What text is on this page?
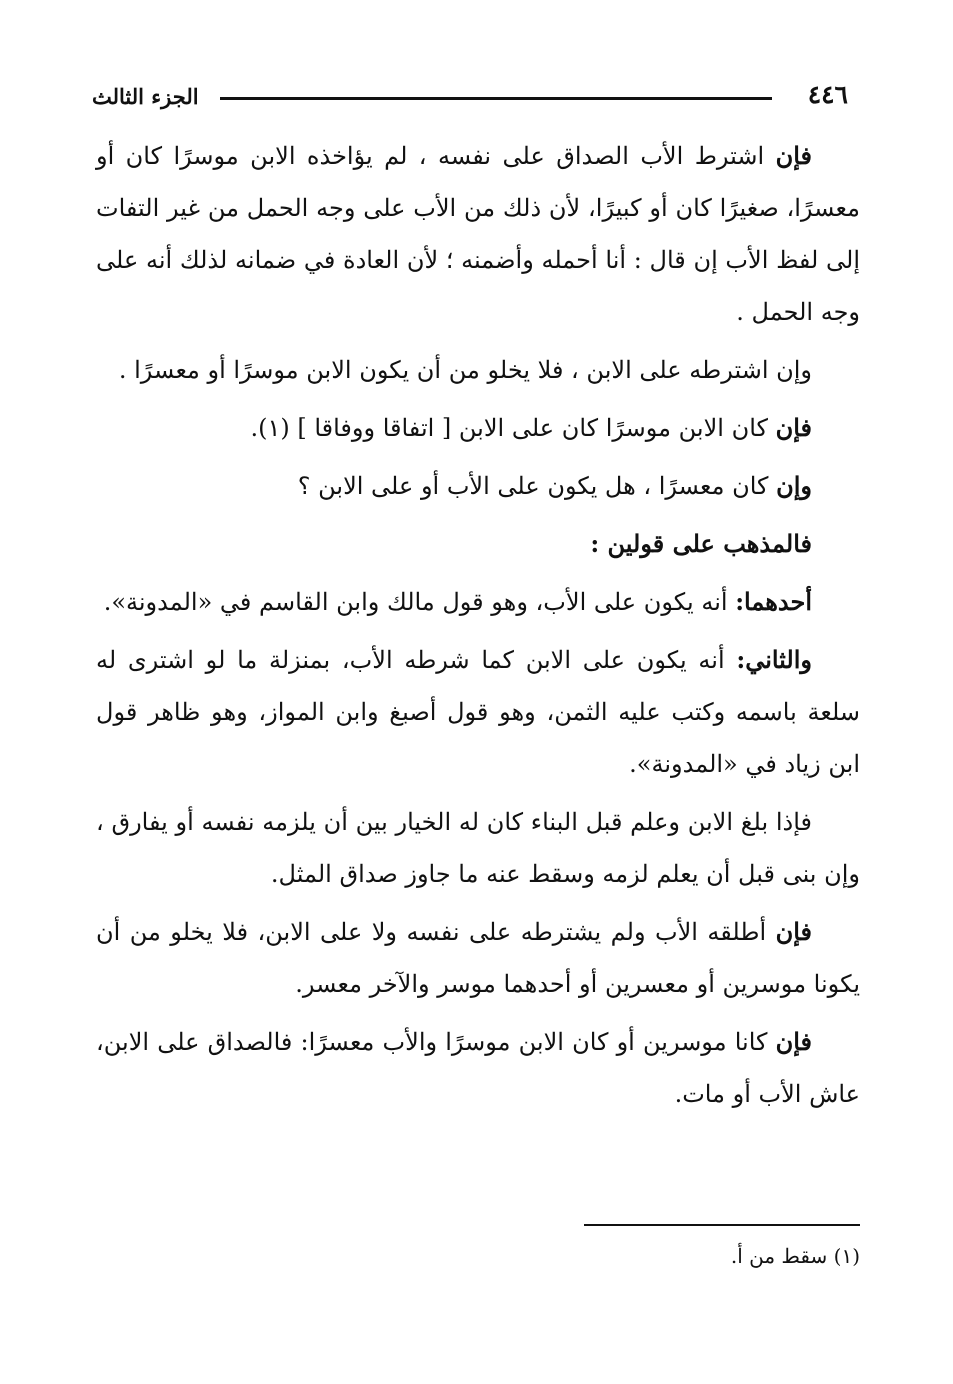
الجزء الثالث	٤٤٦

فإن اشترط الأب الصداق على نفسه ، لم يؤاخذه الابن موسرًا كان أو معسرًا، صغيرًا كان أو كبيرًا، لأن ذلك من الأب على وجه الحمل من غير التفات إلى لفظ الأب إن قال : أنا أحمله وأضمنه ؛ لأن العادة في ضمانه لذلك أنه على وجه الحمل .

وإن اشترطه على الابن ، فلا يخلو من أن يكون الابن موسرًا أو معسرًا .

فإن كان الابن موسرًا كان على الابن [ اتفاقا ووفاقا ] (١).

وإن كان معسرًا ، هل يكون على الأب أو على الابن ؟

فالمذهب على قولين :

أحدهما: أنه يكون على الأب، وهو قول مالك وابن القاسم في «المدونة».

والثاني: أنه يكون على الابن كما شرطه الأب، بمنزلة ما لو اشترى له سلعة باسمه وكتب عليه الثمن، وهو قول أصبغ وابن المواز، وهو ظاهر قول ابن زياد في «المدونة».

فإذا بلغ الابن وعلم قبل البناء كان له الخيار بين أن يلزمه نفسه أو يفارق ، وإن بنى قبل أن يعلم لزمه وسقط عنه ما جاوز صداق المثل.

فإن أطلقه الأب ولم يشترطه على نفسه ولا على الابن، فلا يخلو من أن يكونا موسرين أو معسرين أو أحدهما موسر والآخر معسر.

فإن كانا موسرين أو كان الابن موسرًا والأب معسرًا: فالصداق على الابن، عاش الأب أو مات.

(١) سقط من أ.
